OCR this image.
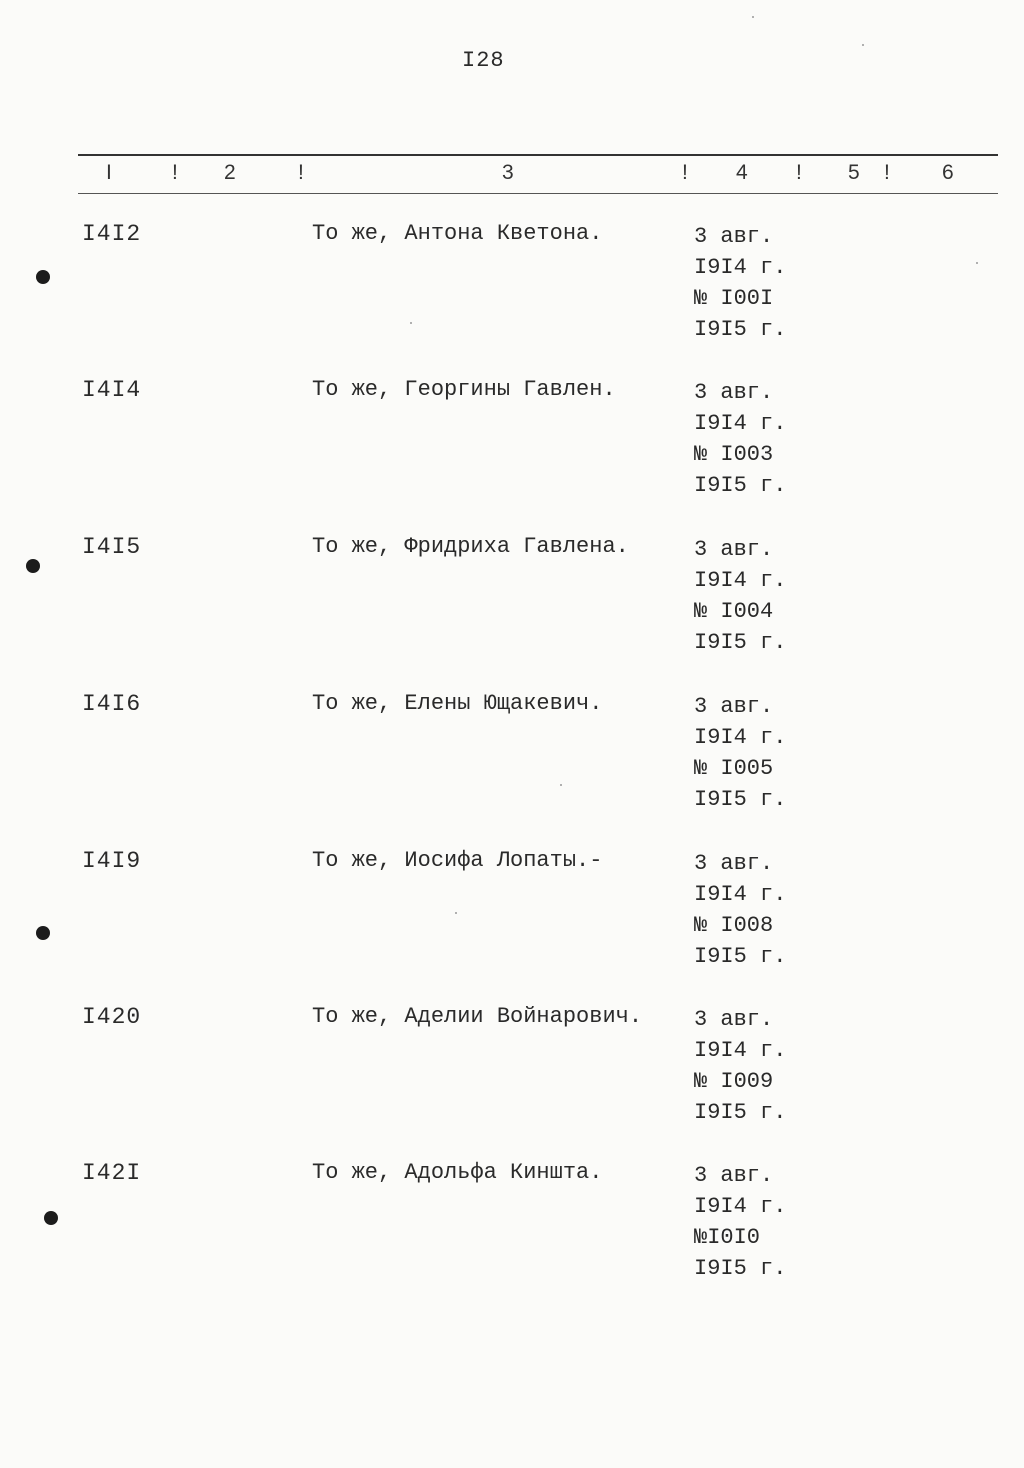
I28
I	! 2	!	3	! 4 ! 5 ! 6
I4I2	То же, Антона Кветона.	3 авг.
I9I4 г.
№ I00I
I9I5 г.
I4I4	То же, Георгины Гавлен.	3 авг.
I9I4 г.
№ I003
I9I5 г.
I4I5	То же, Фридриха Гавлена.	3 авг.
I9I4 г.
№ I004
I9I5 г.
I4I6	То же, Елены Ющакевич.	3 авг.
I9I4 г.
№ I005
I9I5 г.
I4I9	То же, Иосифа Лопаты.-	3 авг.
I9I4 г.
№ I008
I9I5 г.
I420	То же, Аделии Войнарович. 3 авг.
I9I4 г.
№ I009
I9I5 г.
I42I	То же, Адольфа Киншта.	3 авг.
I9I4 г.
№I0I0
I9I5 г.
